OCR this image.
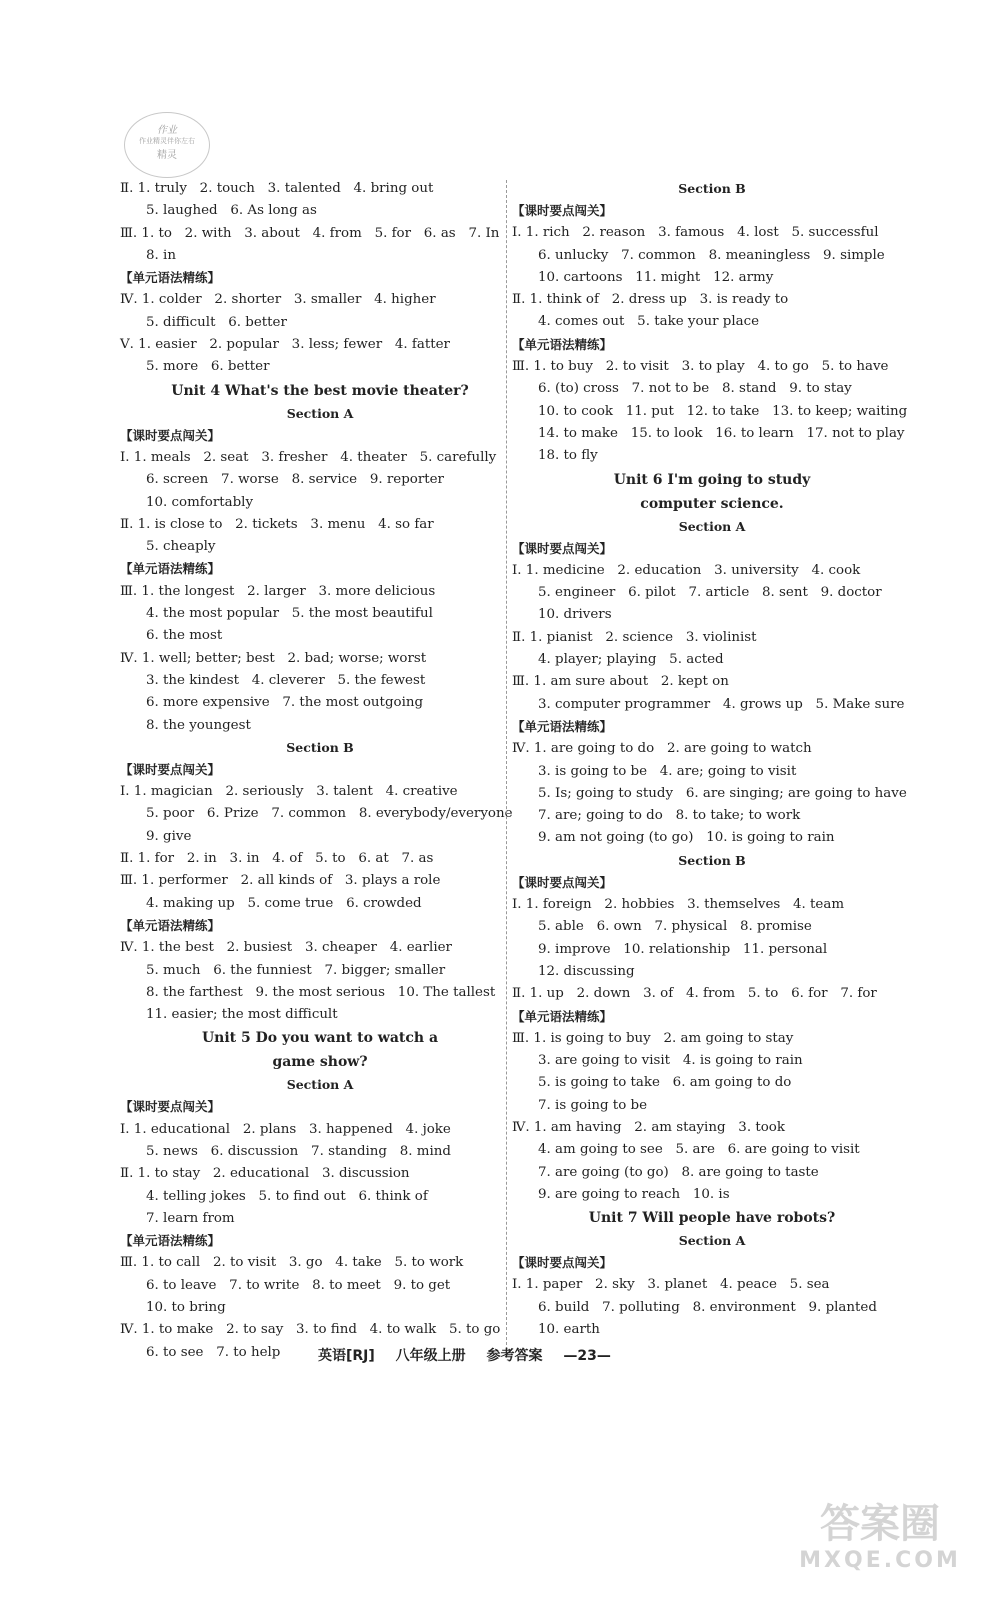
作业
作业精灵伴你左右
精灵
Ⅱ. 1. truly   2. touch   3. talented   4. bring out
5. laughed   6. As long as
Ⅲ. 1. to   2. with   3. about   4. from   5. for   6. as   7. In
8. in
【单元语法精练】
Ⅳ. 1. colder   2. shorter   3. smaller   4. higher
5. difficult   6. better
Ⅴ. 1. easier   2. popular   3. less; fewer   4. fatter
5. more   6. better
Unit 4 What's the best movie theater?
Section A
【课时要点闯关】
Ⅰ. 1. meals   2. seat   3. fresher   4. theater   5. carefully
6. screen   7. worse   8. service   9. reporter
10. comfortably
Ⅱ. 1. is close to   2. tickets   3. menu   4. so far
5. cheaply
【单元语法精练】
Ⅲ. 1. the longest   2. larger   3. more delicious
4. the most popular   5. the most beautiful
6. the most
Ⅳ. 1. well; better; best   2. bad; worse; worst
3. the kindest   4. cleverer   5. the fewest
6. more expensive   7. the most outgoing
8. the youngest
Section B
【课时要点闯关】
Ⅰ. 1. magician   2. seriously   3. talent   4. creative
5. poor   6. Prize   7. common   8. everybody/everyone
9. give
Ⅱ. 1. for   2. in   3. in   4. of   5. to   6. at   7. as
Ⅲ. 1. performer   2. all kinds of   3. plays a role
4. making up   5. come true   6. crowded
【单元语法精练】
Ⅳ. 1. the best   2. busiest   3. cheaper   4. earlier
5. much   6. the funniest   7. bigger; smaller
8. the farthest   9. the most serious   10. The tallest
11. easier; the most difficult
Unit 5 Do you want to watch a
game show?
Section A
【课时要点闯关】
Ⅰ. 1. educational   2. plans   3. happened   4. joke
5. news   6. discussion   7. standing   8. mind
Ⅱ. 1. to stay   2. educational   3. discussion
4. telling jokes   5. to find out   6. think of
7. learn from
【单元语法精练】
Ⅲ. 1. to call   2. to visit   3. go   4. take   5. to work
6. to leave   7. to write   8. to meet   9. to get
10. to bring
Ⅳ. 1. to make   2. to say   3. to find   4. to walk   5. to go
6. to see   7. to help
Section B
【课时要点闯关】
Ⅰ. 1. rich   2. reason   3. famous   4. lost   5. successful
6. unlucky   7. common   8. meaningless   9. simple
10. cartoons   11. might   12. army
Ⅱ. 1. think of   2. dress up   3. is ready to
4. comes out   5. take your place
【单元语法精练】
Ⅲ. 1. to buy   2. to visit   3. to play   4. to go   5. to have
6. (to) cross   7. not to be   8. stand   9. to stay
10. to cook   11. put   12. to take   13. to keep; waiting
14. to make   15. to look   16. to learn   17. not to play
18. to fly
Unit 6 I'm going to study
computer science.
Section A
【课时要点闯关】
Ⅰ. 1. medicine   2. education   3. university   4. cook
5. engineer   6. pilot   7. article   8. sent   9. doctor
10. drivers
Ⅱ. 1. pianist   2. science   3. violinist
4. player; playing   5. acted
Ⅲ. 1. am sure about   2. kept on
3. computer programmer   4. grows up   5. Make sure
【单元语法精练】
Ⅳ. 1. are going to do   2. are going to watch
3. is going to be   4. are; going to visit
5. Is; going to study   6. are singing; are going to have
7. are; going to do   8. to take; to work
9. am not going (to go)   10. is going to rain
Section B
【课时要点闯关】
Ⅰ. 1. foreign   2. hobbies   3. themselves   4. team
5. able   6. own   7. physical   8. promise
9. improve   10. relationship   11. personal
12. discussing
Ⅱ. 1. up   2. down   3. of   4. from   5. to   6. for   7. for
【单元语法精练】
Ⅲ. 1. is going to buy   2. am going to stay
3. are going to visit   4. is going to rain
5. is going to take   6. am going to do
7. is going to be
Ⅳ. 1. am having   2. am staying   3. took
4. am going to see   5. are   6. are going to visit
7. are going (to go)   8. are going to taste
9. are going to reach   10. is
Unit 7 Will people have robots?
Section A
【课时要点闯关】
Ⅰ. 1. paper   2. sky   3. planet   4. peace   5. sea
6. build   7. polluting   8. environment   9. planted
10. earth
英语[RJ] 八年级上册 参考答案 —23—
答案圈
MXQE.COM
